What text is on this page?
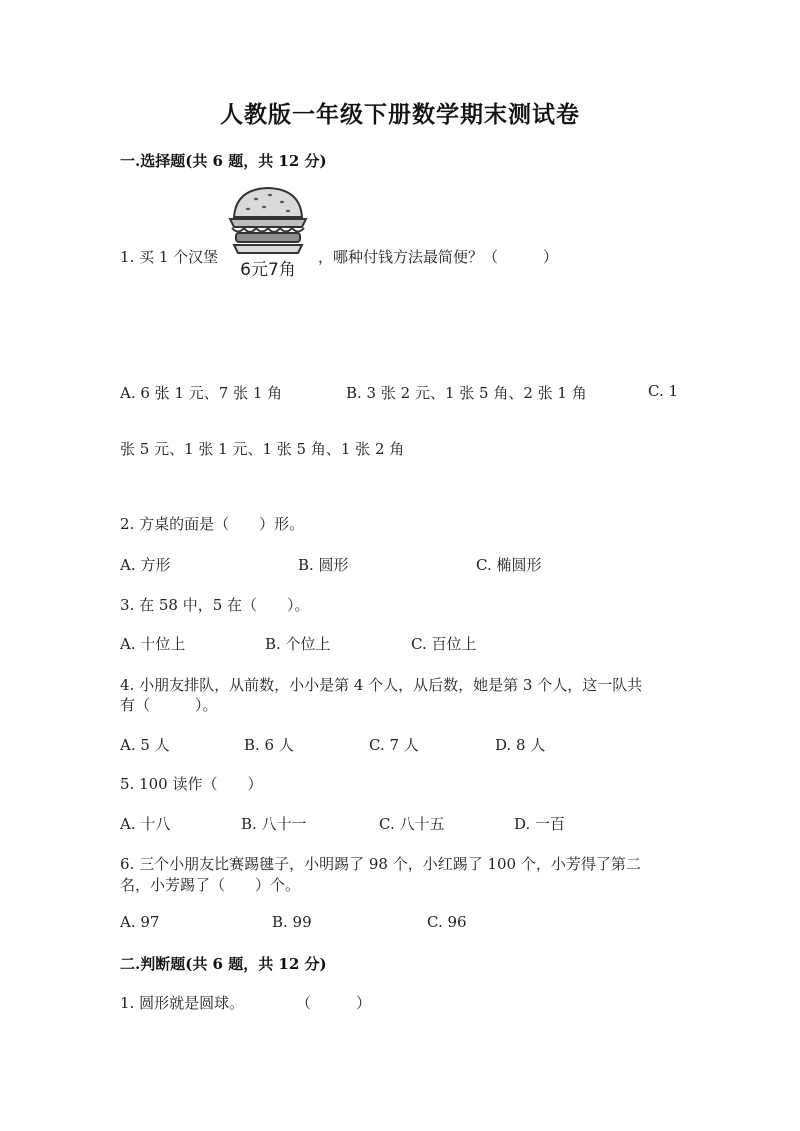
人教版一年级下册数学期末测试卷
一.选择题(共 6 题，共 12 分)
1. 买 1 个汉堡
6元7角
，哪种付钱方法最简便？（　　　）
A. 6 张 1 元、7 张 1 角	B. 3 张 2 元、1 张 5 角、2 张 1 角	C. 1
张 5 元、1 张 1 元、1 张 5 角、1 张 2 角
2. 方桌的面是（　　）形。
A. 方形	B. 圆形	C. 椭圆形
3. 在 58 中，5 在（　　）。
A. 十位上	B. 个位上	C. 百位上
4. 小朋友排队，从前数，小小是第 4 个人，从后数，她是第 3 个人，这一队共
有（　　　）。
A. 5 人	B. 6 人	C. 7 人	D. 8 人
5. 100 读作（　　）
A. 十八	B. 八十一	C. 八十五	D. 一百
6. 三个小朋友比赛踢毽子，小明踢了 98 个，小红踢了 100 个，小芳得了第二
名，小芳踢了（　　）个。
A. 97	B. 99	C. 96
二.判断题(共 6 题，共 12 分)
1. 圆形就是圆球。	（　　　）
